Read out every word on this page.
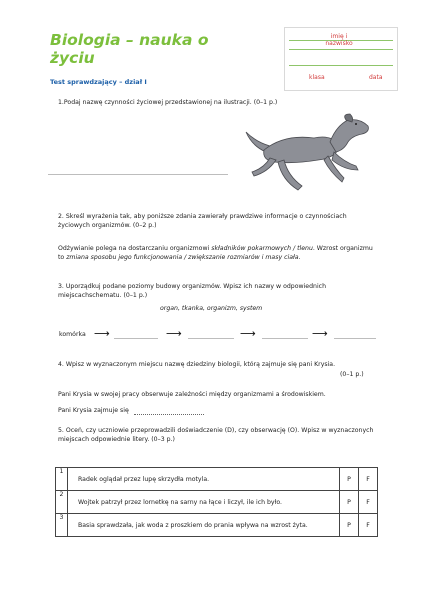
Biologia – nauka o życiu
Test sprawdzający – dział I
imię i nazwisko
klasa	data
1.Podaj nazwę czynności życiowej przedstawionej na ilustracji. (0–1 p.)
2. Skreśl wyrażenia tak, aby poniższe zdania zawierały prawdziwe informacje o czynnościach życiowych organizmów. (0–2 p.)
Odżywianie polega na dostarczaniu organizmowi składników pokarmowych / tlenu. Wzrost organizmu to zmiana sposobu jego funkcjonowania / zwiększanie rozmiarów i masy ciała.
3. Uporządkuj podane poziomy budowy organizmów. Wpisz ich nazwy w odpowiednich miejscachschematu. (0–1 p.)
organ, tkanka, organizm, system
komórka ⟶	⟶	⟶	⟶
4. Wpisz w wyznaczonym miejscu nazwę dziedziny biologii, którą zajmuje się pani Krysia.
(0–1 p.)
Pani Krysia w swojej pracy obserwuje zależności między organizmami a środowiskiem.
Pani Krysia zajmuje się
5. Oceń, czy uczniowie przeprowadzili doświadczenie (D), czy obserwację (O). Wpisz w wyznaczonych miejscach odpowiednie litery. (0–3 p.)
1	Radek oglądał przez lupę skrzydła motyla.	P	F
2	Wojtek patrzył przez lornetkę na sarny na łące i liczył, ile ich było.	P	F
3	Basia sprawdzała, jak woda z proszkiem do prania wpływa na wzrost żyta.	P	F
